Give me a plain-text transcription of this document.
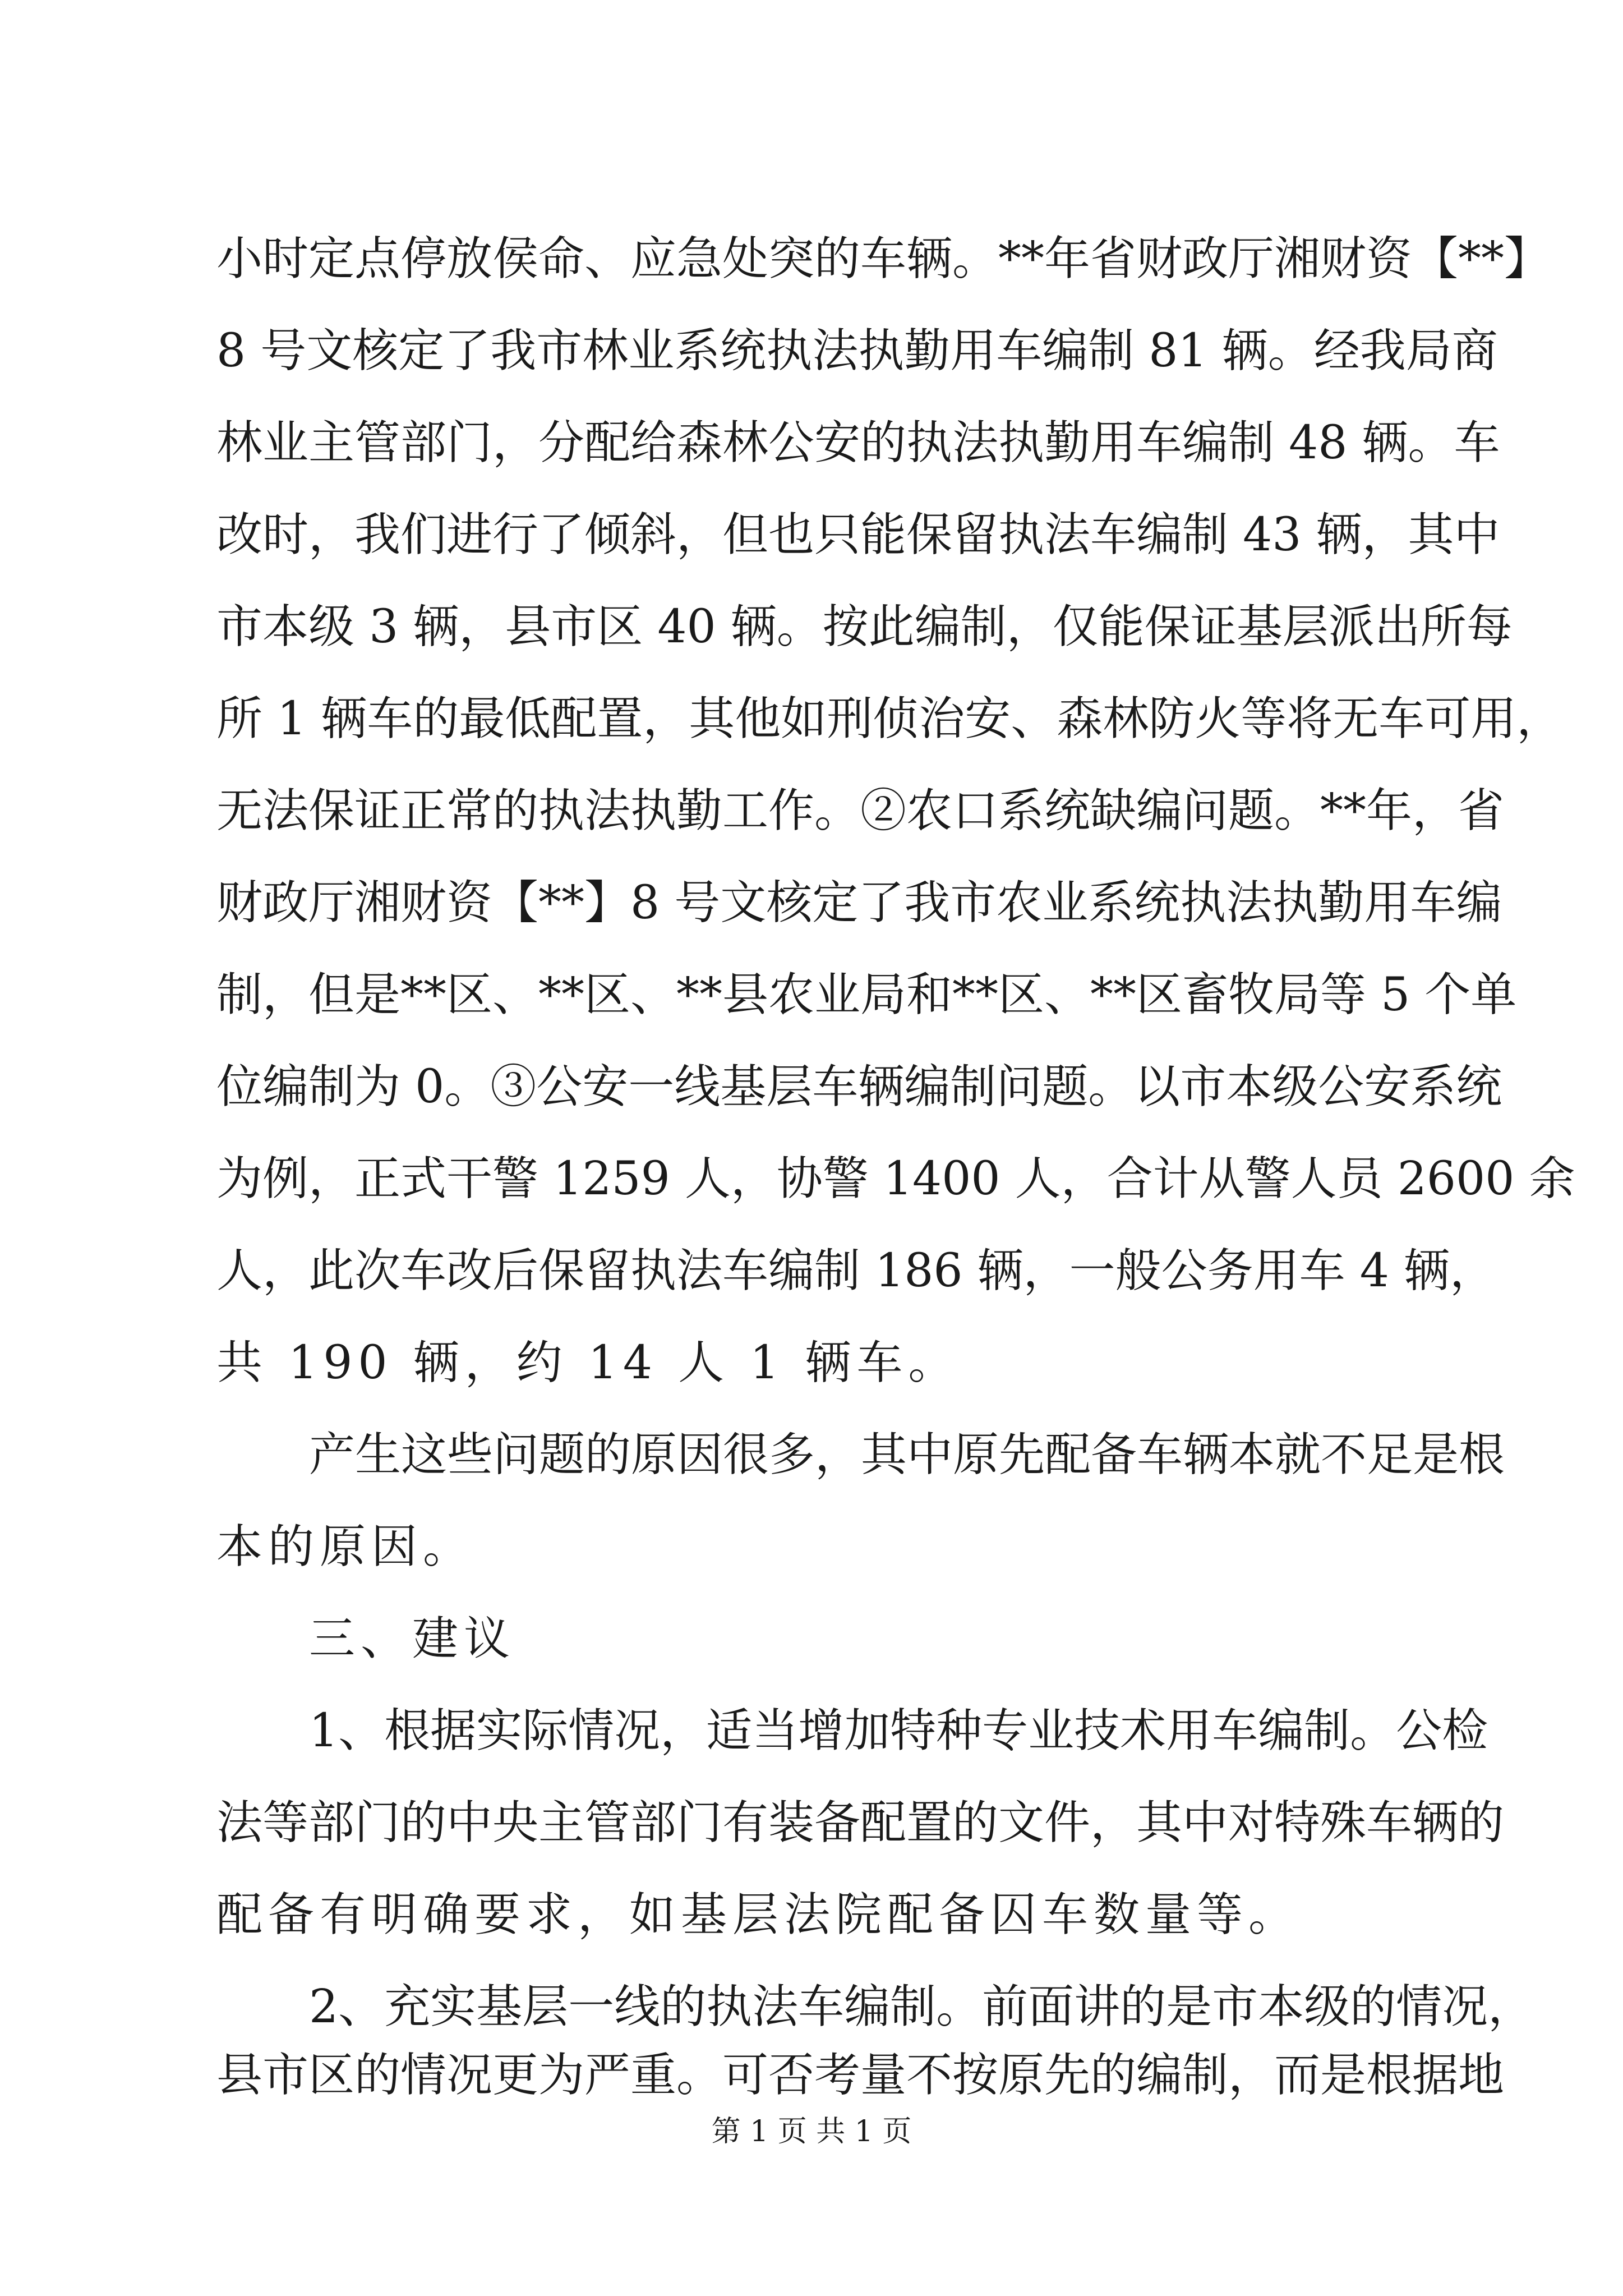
小时定点停放侯命、应急处突的车辆。**年省财政厅湘财资【**】
8 号文核定了我市林业系统执法执勤用车编制 81 辆。经我局商
林业主管部门，分配给森林公安的执法执勤用车编制 48 辆。车
改时，我们进行了倾斜，但也只能保留执法车编制 43 辆，其中
市本级 3 辆，县市区 40 辆。按此编制，仅能保证基层派出所每
所 1 辆车的最低配置，其他如刑侦治安、森林防火等将无车可用，
无法保证正常的执法执勤工作。②农口系统缺编问题。**年，省
财政厅湘财资【**】8 号文核定了我市农业系统执法执勤用车编
制，但是**区、**区、**县农业局和**区、**区畜牧局等 5 个单
位编制为 0。③公安一线基层车辆编制问题。以市本级公安系统
为例，正式干警 1259 人，协警 1400 人，合计从警人员 2600 余
人，此次车改后保留执法车编制 186 辆，一般公务用车 4 辆，
共 190 辆，约 14 人 1 辆车。
产生这些问题的原因很多，其中原先配备车辆本就不足是根
本的原因。
三、建议
1、根据实际情况，适当增加特种专业技术用车编制。公检
法等部门的中央主管部门有装备配置的文件，其中对特殊车辆的
配备有明确要求，如基层法院配备囚车数量等。
2、充实基层一线的执法车编制。前面讲的是市本级的情况，
县市区的情况更为严重。可否考量不按原先的编制，而是根据地
第 1 页 共 1 页
